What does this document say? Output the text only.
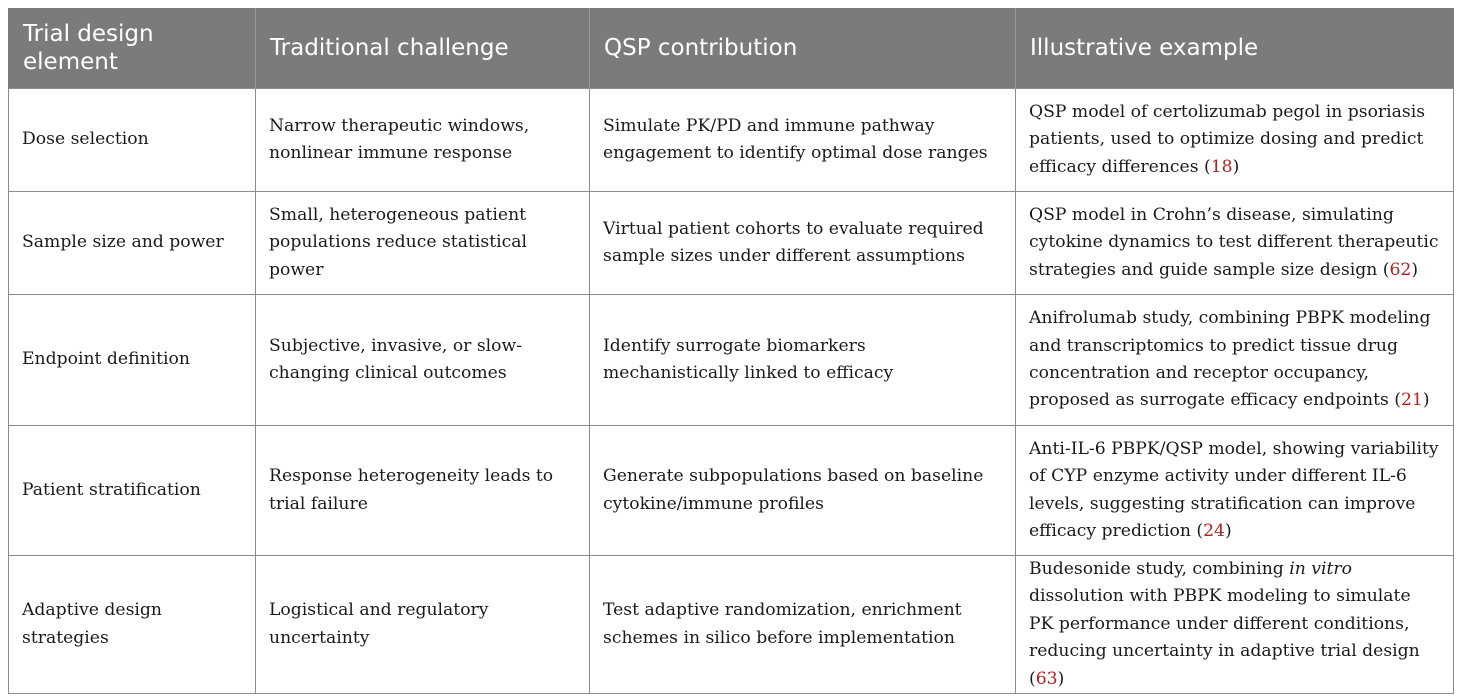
Trial design element	Traditional challenge	QSP contribution	Illustrative example
Dose selection	Narrow therapeutic windows, nonlinear immune response	Simulate PK/PD and immune pathway engagement to identify optimal dose ranges	QSP model of certolizumab pegol in psoriasis patients, used to optimize dosing and predict efficacy differences (18)
Sample size and power	Small, heterogeneous patient populations reduce statistical power	Virtual patient cohorts to evaluate required sample sizes under different assumptions	QSP model in Crohn’s disease, simulating cytokine dynamics to test different therapeutic strategies and guide sample size design (62)
Endpoint definition	Subjective, invasive, or slow-changing clinical outcomes	Identify surrogate biomarkers mechanistically linked to efficacy	Anifrolumab study, combining PBPK modeling and transcriptomics to predict tissue drug concentration and receptor occupancy, proposed as surrogate efficacy endpoints (21)
Patient stratification	Response heterogeneity leads to trial failure	Generate subpopulations based on baseline cytokine/immune profiles	Anti-IL-6 PBPK/QSP model, showing variability of CYP enzyme activity under different IL-6 levels, suggesting stratification can improve efficacy prediction (24)
Adaptive design strategies	Logistical and regulatory uncertainty	Test adaptive randomization, enrichment schemes in silico before implementation	Budesonide study, combining in vitro dissolution with PBPK modeling to simulate PK performance under different conditions, reducing uncertainty in adaptive trial design (63)
